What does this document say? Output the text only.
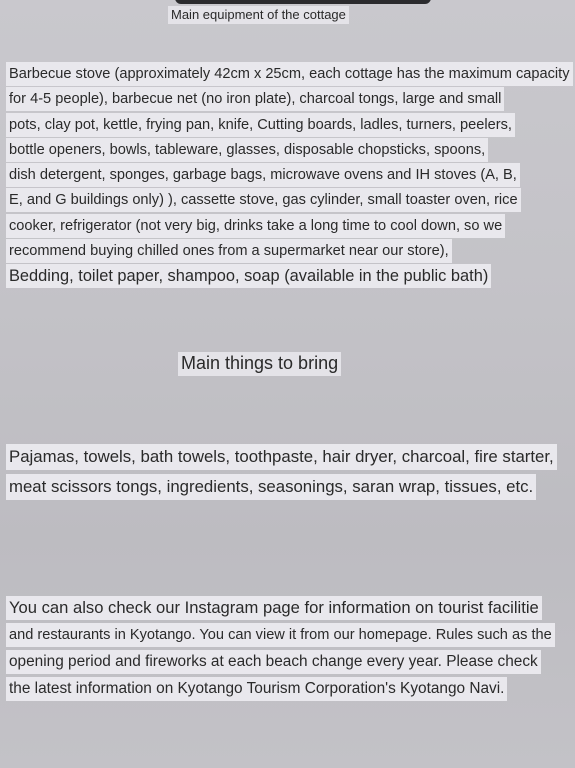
Main equipment of the cottage
Barbecue stove (approximately 42cm x 25cm, each cottage has the maximum capacity
for 4-5 people), barbecue net (no iron plate), charcoal tongs, large and small
pots, clay pot, kettle, frying pan, knife, Cutting boards, ladles, turners, peelers,
bottle openers, bowls, tableware, glasses, disposable chopsticks, spoons,
dish detergent, sponges, garbage bags, microwave ovens and IH stoves (A, B,
E, and G buildings only) ), cassette stove, gas cylinder, small toaster oven, rice
cooker, refrigerator (not very big, drinks take a long time to cool down, so we
recommend buying chilled ones from a supermarket near our store),
Bedding, toilet paper, shampoo, soap (available in the public bath)
Main things to bring
Pajamas, towels, bath towels, toothpaste, hair dryer, charcoal, fire starter,
meat scissors tongs, ingredients, seasonings, saran wrap, tissues, etc.
You can also check our Instagram page for information on tourist facilitie
and restaurants in Kyotango. You can view it from our homepage. Rules such as the
opening period and fireworks at each beach change every year. Please check
the latest information on Kyotango Tourism Corporation's Kyotango Navi.
